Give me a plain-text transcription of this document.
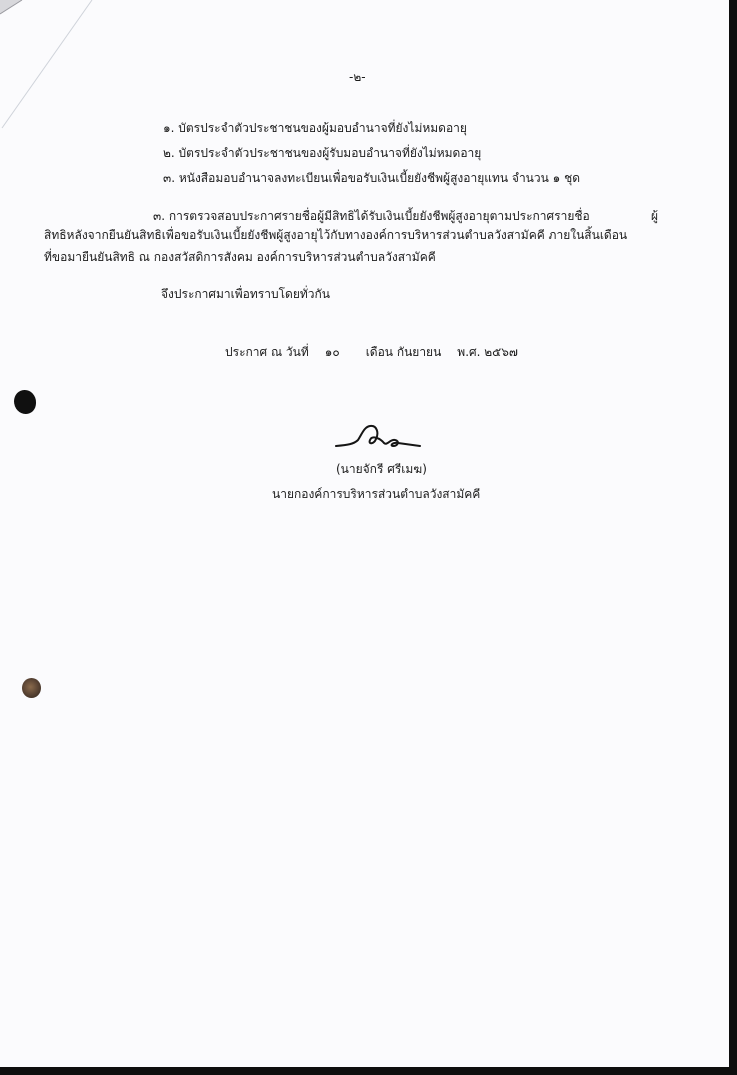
-๒-
๑. บัตรประจำตัวประชาชนของผู้มอบอำนาจที่ยังไม่หมดอายุ
๒. บัตรประจำตัวประชาชนของผู้รับมอบอำนาจที่ยังไม่หมดอายุ
๓. หนังสือมอบอำนาจลงทะเบียนเพื่อขอรับเงินเบี้ยยังชีพผู้สูงอายุแทน จำนวน ๑ ชุด
๓. การตรวจสอบประกาศรายชื่อผู้มีสิทธิได้รับเงินเบี้ยยังชีพผู้สูงอายุตามประกาศรายชื่อ	ผู้
สิทธิหลังจากยืนยันสิทธิเพื่อขอรับเงินเบี้ยยังชีพผู้สูงอายุไว้กับทางองค์การบริหารส่วนตำบลวังสามัคคี ภายในสิ้นเดือน
ที่ขอมายืนยันสิทธิ ณ กองสวัสดิการสังคม องค์การบริหารส่วนตำบลวังสามัคคี
จึงประกาศมาเพื่อทราบโดยทั่วกัน
ประกาศ ณ วันที่ ๑๐ เดือน กันยายน พ.ศ. ๒๕๖๗
(นายจักรี ศรีเมฆ)
นายกองค์การบริหารส่วนตำบลวังสามัคคี
